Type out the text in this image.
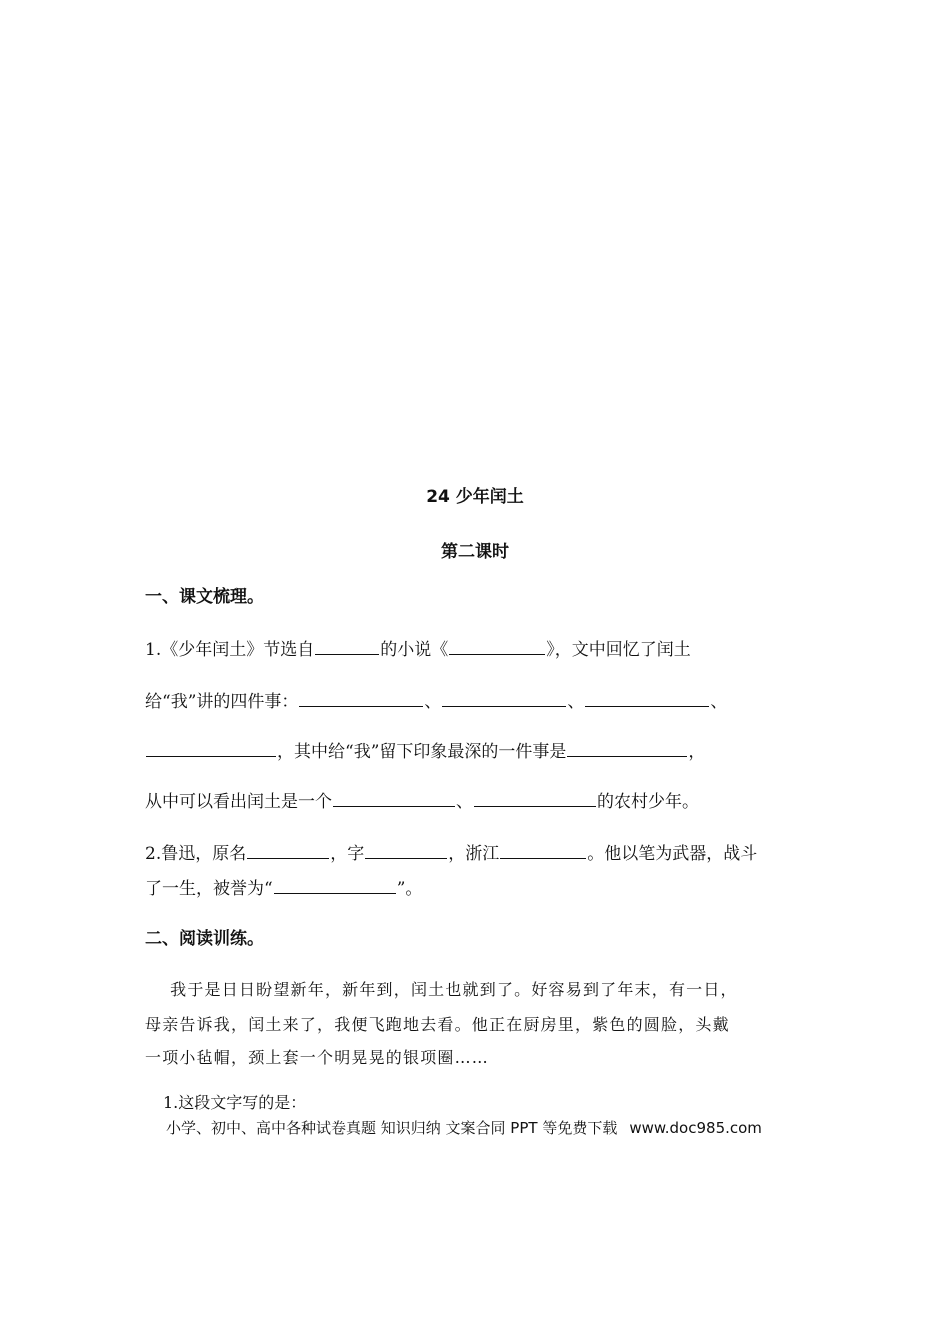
24 少年闰土
第二课时
一、课文梳理。
1.《少年闰土》节选自	的小说《	》，文中回忆了闰土
给“我”讲的四件事：	、	、	、
，其中给“我”留下印象最深的一件事是	，
从中可以看出闰土是一个	、	的农村少年。
2.鲁迅，原名	，字	，浙江	。他以笔为武器，战斗
了一生，被誉为“	”。
二、阅读训练。
我于是日日盼望新年，新年到，闰土也就到了。好容易到了年末，有一日，
母亲告诉我，闰土来了，我便飞跑地去看。他正在厨房里，紫色的圆脸，头戴
一项小毡帽，颈上套一个明晃晃的银项圈……
1.这段文字写的是：
小学、初中、高中各种试卷真题 知识归纳 文案合同 PPT 等免费下载 www.doc985.com
